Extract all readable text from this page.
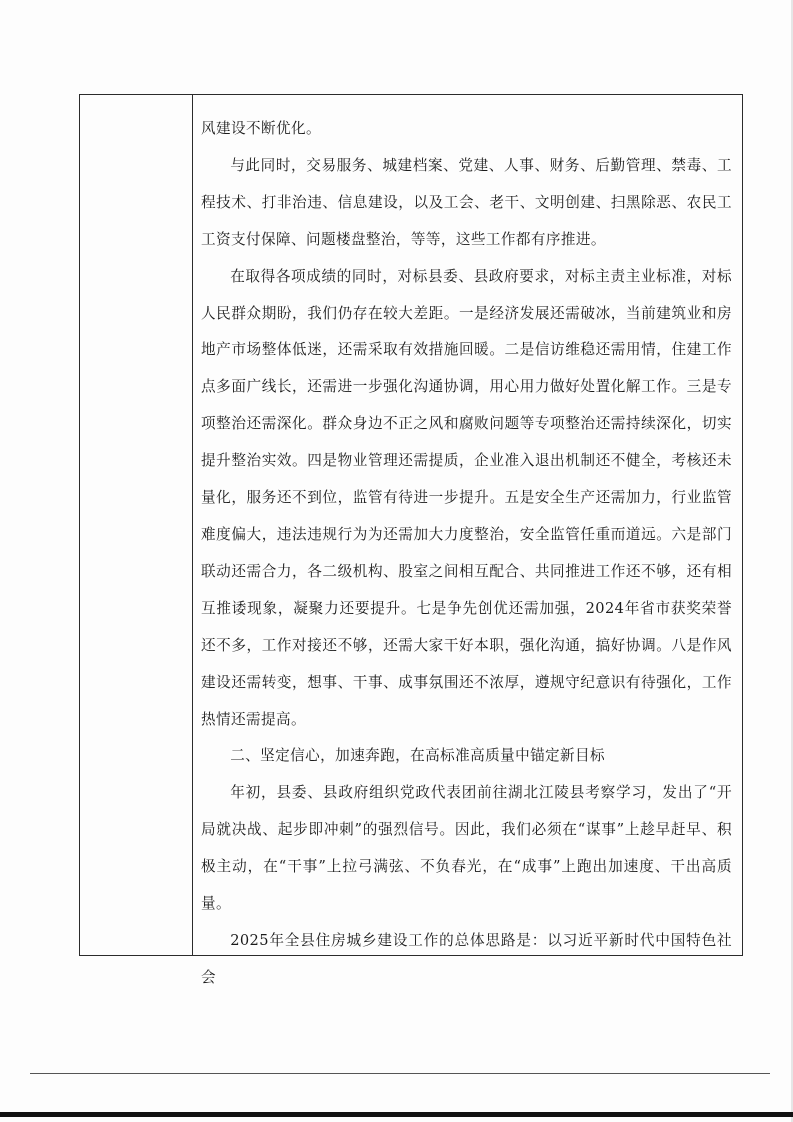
风建设不断优化。

与此同时，交易服务、城建档案、党建、人事、财务、后勤管理、禁毒、工程技术、打非治违、信息建设，以及工会、老干、文明创建、扫黑除恶、农民工工资支付保障、问题楼盘整治，等等，这些工作都有序推进。

在取得各项成绩的同时，对标县委、县政府要求，对标主责主业标准，对标人民群众期盼，我们仍存在较大差距。一是经济发展还需破冰，当前建筑业和房地产市场整体低迷，还需采取有效措施回暖。二是信访维稳还需用情，住建工作点多面广线长，还需进一步强化沟通协调，用心用力做好处置化解工作。三是专项整治还需深化。群众身边不正之风和腐败问题等专项整治还需持续深化，切实提升整治实效。四是物业管理还需提质，企业准入退出机制还不健全，考核还未量化，服务还不到位，监管有待进一步提升。五是安全生产还需加力，行业监管难度偏大，违法违规行为为还需加大力度整治，安全监管任重而道远。六是部门联动还需合力，各二级机构、股室之间相互配合、共同推进工作还不够，还有相互推诿现象，凝聚力还要提升。七是争先创优还需加强，2024年省市获奖荣誉还不多，工作对接还不够，还需大家干好本职，强化沟通，搞好协调。八是作风建设还需转变，想事、干事、成事氛围还不浓厚，遵规守纪意识有待强化，工作热情还需提高。

二、坚定信心，加速奔跑，在高标准高质量中锚定新目标

年初，县委、县政府组织党政代表团前往湖北江陵县考察学习，发出了“开局就决战、起步即冲刺”的强烈信号。因此，我们必须在“谋事”上趁早赶早、积极主动，在“干事”上拉弓满弦、不负春光，在“成事”上跑出加速度、干出高质量。

2025年全县住房城乡建设工作的总体思路是：以习近平新时代中国特色社会
